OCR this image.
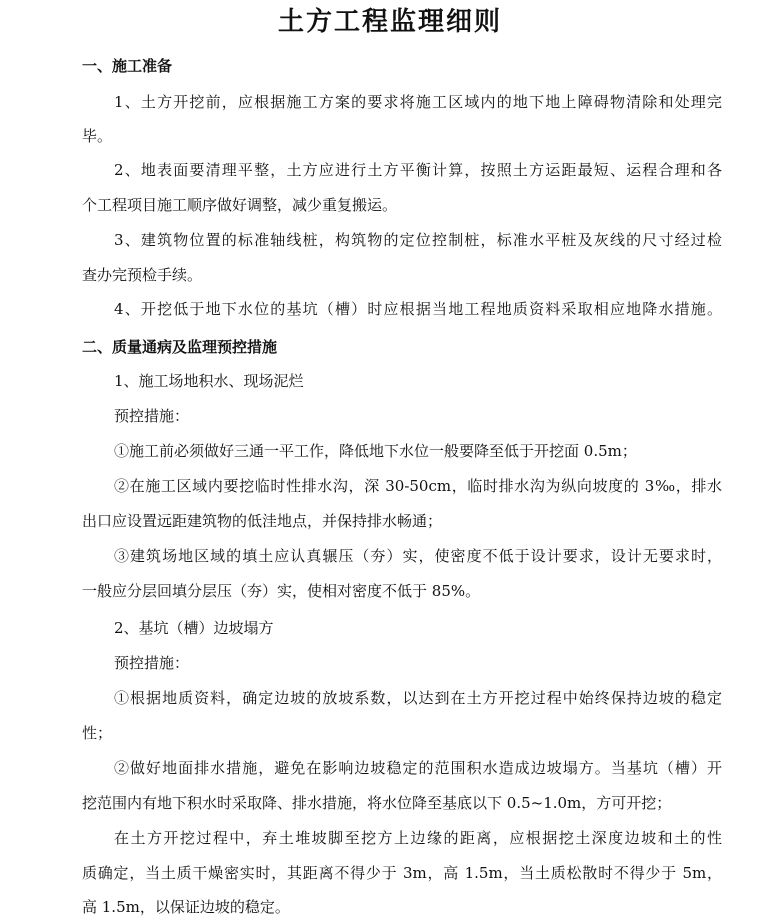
土方工程监理细则
一、施工准备
1、土方开挖前，应根据施工方案的要求将施工区域内的地下地上障碍物清除和处理完
毕。
2、地表面要清理平整，土方应进行土方平衡计算，按照土方运距最短、运程合理和各
个工程项目施工顺序做好调整，减少重复搬运。
3、建筑物位置的标准轴线桩，构筑物的定位控制桩，标准水平桩及灰线的尺寸经过检
查办完预检手续。
4、开挖低于地下水位的基坑（槽）时应根据当地工程地质资料采取相应地降水措施。
二、质量通病及监理预控措施
1、施工场地积水、现场泥烂
预控措施：
①施工前必须做好三通一平工作，降低地下水位一般要降至低于开挖面 0.5m；
②在施工区域内要挖临时性排水沟，深 30-50cm，临时排水沟为纵向坡度的 3‰，排水
出口应设置远距建筑物的低洼地点，并保持排水畅通；
③建筑场地区域的填土应认真辗压（夯）实，使密度不低于设计要求，设计无要求时，
一般应分层回填分层压（夯）实，使相对密度不低于 85%。
2、基坑（槽）边坡塌方
预控措施：
①根据地质资料，确定边坡的放坡系数，以达到在土方开挖过程中始终保持边坡的稳定
性；
②做好地面排水措施，避免在影响边坡稳定的范围积水造成边坡塌方。当基坑（槽）开
挖范围内有地下积水时采取降、排水措施，将水位降至基底以下 0.5~1.0m，方可开挖；
在土方开挖过程中，弃土堆坡脚至挖方上边缘的距离，应根据挖土深度边坡和土的性
质确定，当土质干燥密实时，其距离不得少于 3m，高 1.5m，当土质松散时不得少于 5m，
高 1.5m，以保证边坡的稳定。
